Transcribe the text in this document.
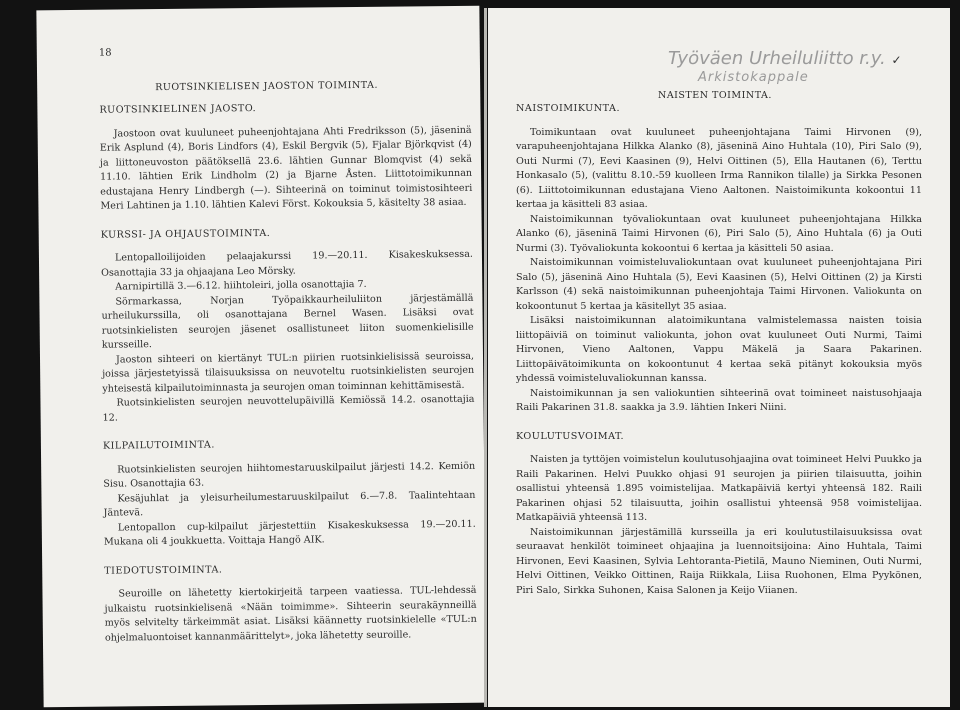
18
RUOTSINKIELISEN JAOSTON TOIMINTA.
RUOTSINKIELINEN JAOSTO.

Jaostoon ovat kuuluneet puheenjohtajana Ahti Fredriksson (5), jäseninä Erik Asplund (4), Boris Lindfors (4), Eskil Bergvik (5), Fjalar Björkqvist (4) ja liittoneuvoston päätöksellä 23.6. lähtien Gunnar Blomqvist (4) sekä 11.10. lähtien Erik Lindholm (2) ja Bjarne Åsten. Liittotoimikunnan edustajana Henry Lindbergh (—). Sihteerinä on toiminut toimistosihteeri Meri Lahtinen ja 1.10. lähtien Kalevi Först. Kokouksia 5, käsitelty 38 asiaa.

KURSSI- JA OHJAUSTOIMINTA.

Lentopalloilijoiden pelaajakurssi 19.—20.11. Kisakeskuksessa. Osanottajia 33 ja ohjaajana Leo Mörsky.

Aarnipirtillä 3.—6.12. hiihtoleiri, jolla osanottajia 7.

Sörmarkassa, Norjan Työpaikkaurheiluliiton järjestämällä urheilukurssilla, oli osanottajana Bernel Wasen. Lisäksi ovat ruotsinkielisten seurojen jäsenet osallistuneet liiton suomenkielisille kursseille.

Jaoston sihteeri on kiertänyt TUL:n piirien ruotsinkielisissä seuroissa, joissa järjestetyissä tilaisuuksissa on neuvoteltu ruotsinkielisten seurojen yhteisestä kilpailutoiminnasta ja seurojen oman toiminnan kehittämisestä.

Ruotsinkielisten seurojen neuvottelupäivillä Kemiössä 14.2. osanottajia 12.

KILPAILUTOIMINTA.

Ruotsinkielisten seurojen hiihtomestaruuskilpailut järjesti 14.2. Kemiön Sisu. Osanottajia 63.

Kesäjuhlat ja yleisurheilumestaruuskilpailut 6.—7.8. Taalintehtaan Jäntevä.

Lentopallon cup-kilpailut järjestettiin Kisakeskuksessa 19.—20.11. Mukana oli 4 joukkuetta. Voittaja Hangö AIK.

TIEDOTUSTOIMINTA.

Seuroille on lähetetty kiertokirjeitä tarpeen vaatiessa. TUL-lehdessä julkaistu ruotsinkielisenä «Nään toimimme». Sihteerin seurakäynneillä myös selvitelty tärkeimmät asiat. Lisäksi käännetty ruotsinkielelle «TUL:n ohjelmaluontoiset kannanmäärittelyt», joka lähetetty seuroille.

Työväen Urheiluliitto r.y. ✓
Arkistokappale
NAISTEN TOIMINTA.
NAISTOIMIKUNTA.

Toimikuntaan ovat kuuluneet puheenjohtajana Taimi Hirvonen (9), varapuheenjohtajana Hilkka Alanko (8), jäseninä Aino Huhtala (10), Piri Salo (9), Outi Nurmi (7), Eevi Kaasinen (9), Helvi Oittinen (5), Ella Hautanen (6), Terttu Honkasalo (5), (valittu 8.10.-59 kuolleen Irma Rannikon tilalle) ja Sirkka Pesonen (6). Liittotoimikunnan edustajana Vieno Aaltonen. Naistoimikunta kokoontui 11 kertaa ja käsitteli 83 asiaa.

Naistoimikunnan työvaliokuntaan ovat kuuluneet puheenjohtajana Hilkka Alanko (6), jäseninä Taimi Hirvonen (6), Piri Salo (5), Aino Huhtala (6) ja Outi Nurmi (3). Työvaliokunta kokoontui 6 kertaa ja käsitteli 50 asiaa.

Naistoimikunnan voimisteluvaliokuntaan ovat kuuluneet puheenjohtajana Piri Salo (5), jäseninä Aino Huhtala (5), Eevi Kaasinen (5), Helvi Oittinen (2) ja Kirsti Karlsson (4) sekä naistoimikunnan puheenjohtaja Taimi Hirvonen. Valiokunta on kokoontunut 5 kertaa ja käsitellyt 35 asiaa.

Lisäksi naistoimikunnan alatoimikuntana valmistelemassa naisten toisia liittopäiviä on toiminut valiokunta, johon ovat kuuluneet Outi Nurmi, Taimi Hirvonen, Vieno Aaltonen, Vappu Mäkelä ja Saara Pakarinen. Liittopäivätoimikunta on kokoontunut 4 kertaa sekä pitänyt kokouksia myös yhdessä voimisteluvaliokunnan kanssa.

Naistoimikunnan ja sen valiokuntien sihteerinä ovat toimineet naistusohjaaja Raili Pakarinen 31.8. saakka ja 3.9. lähtien Inkeri Niini.

KOULUTUSVOIMAT.

Naisten ja tyttöjen voimistelun koulutusohjaajina ovat toimineet Helvi Puukko ja Raili Pakarinen. Helvi Puukko ohjasi 91 seurojen ja piirien tilaisuutta, joihin osallistui yhteensä 1.895 voimistelijaa. Matkapäiviä kertyi yhteensä 182. Raili Pakarinen ohjasi 52 tilaisuutta, joihin osallistui yhteensä 958 voimistelijaa. Matkapäiviä yhteensä 113.

Naistoimikunnan järjestämillä kursseilla ja eri koulutustilaisuuksissa ovat seuraavat henkilöt toimineet ohjaajina ja luennoitsijoina: Aino Huhtala, Taimi Hirvonen, Eevi Kaasinen, Sylvia Lehtoranta-Pietilä, Mauno Nieminen, Outi Nurmi, Helvi Oittinen, Veikko Oittinen, Raija Riikkala, Liisa Ruohonen, Elma Pyykönen, Piri Salo, Sirkka Suhonen, Kaisa Salonen ja Keijo Viianen.
